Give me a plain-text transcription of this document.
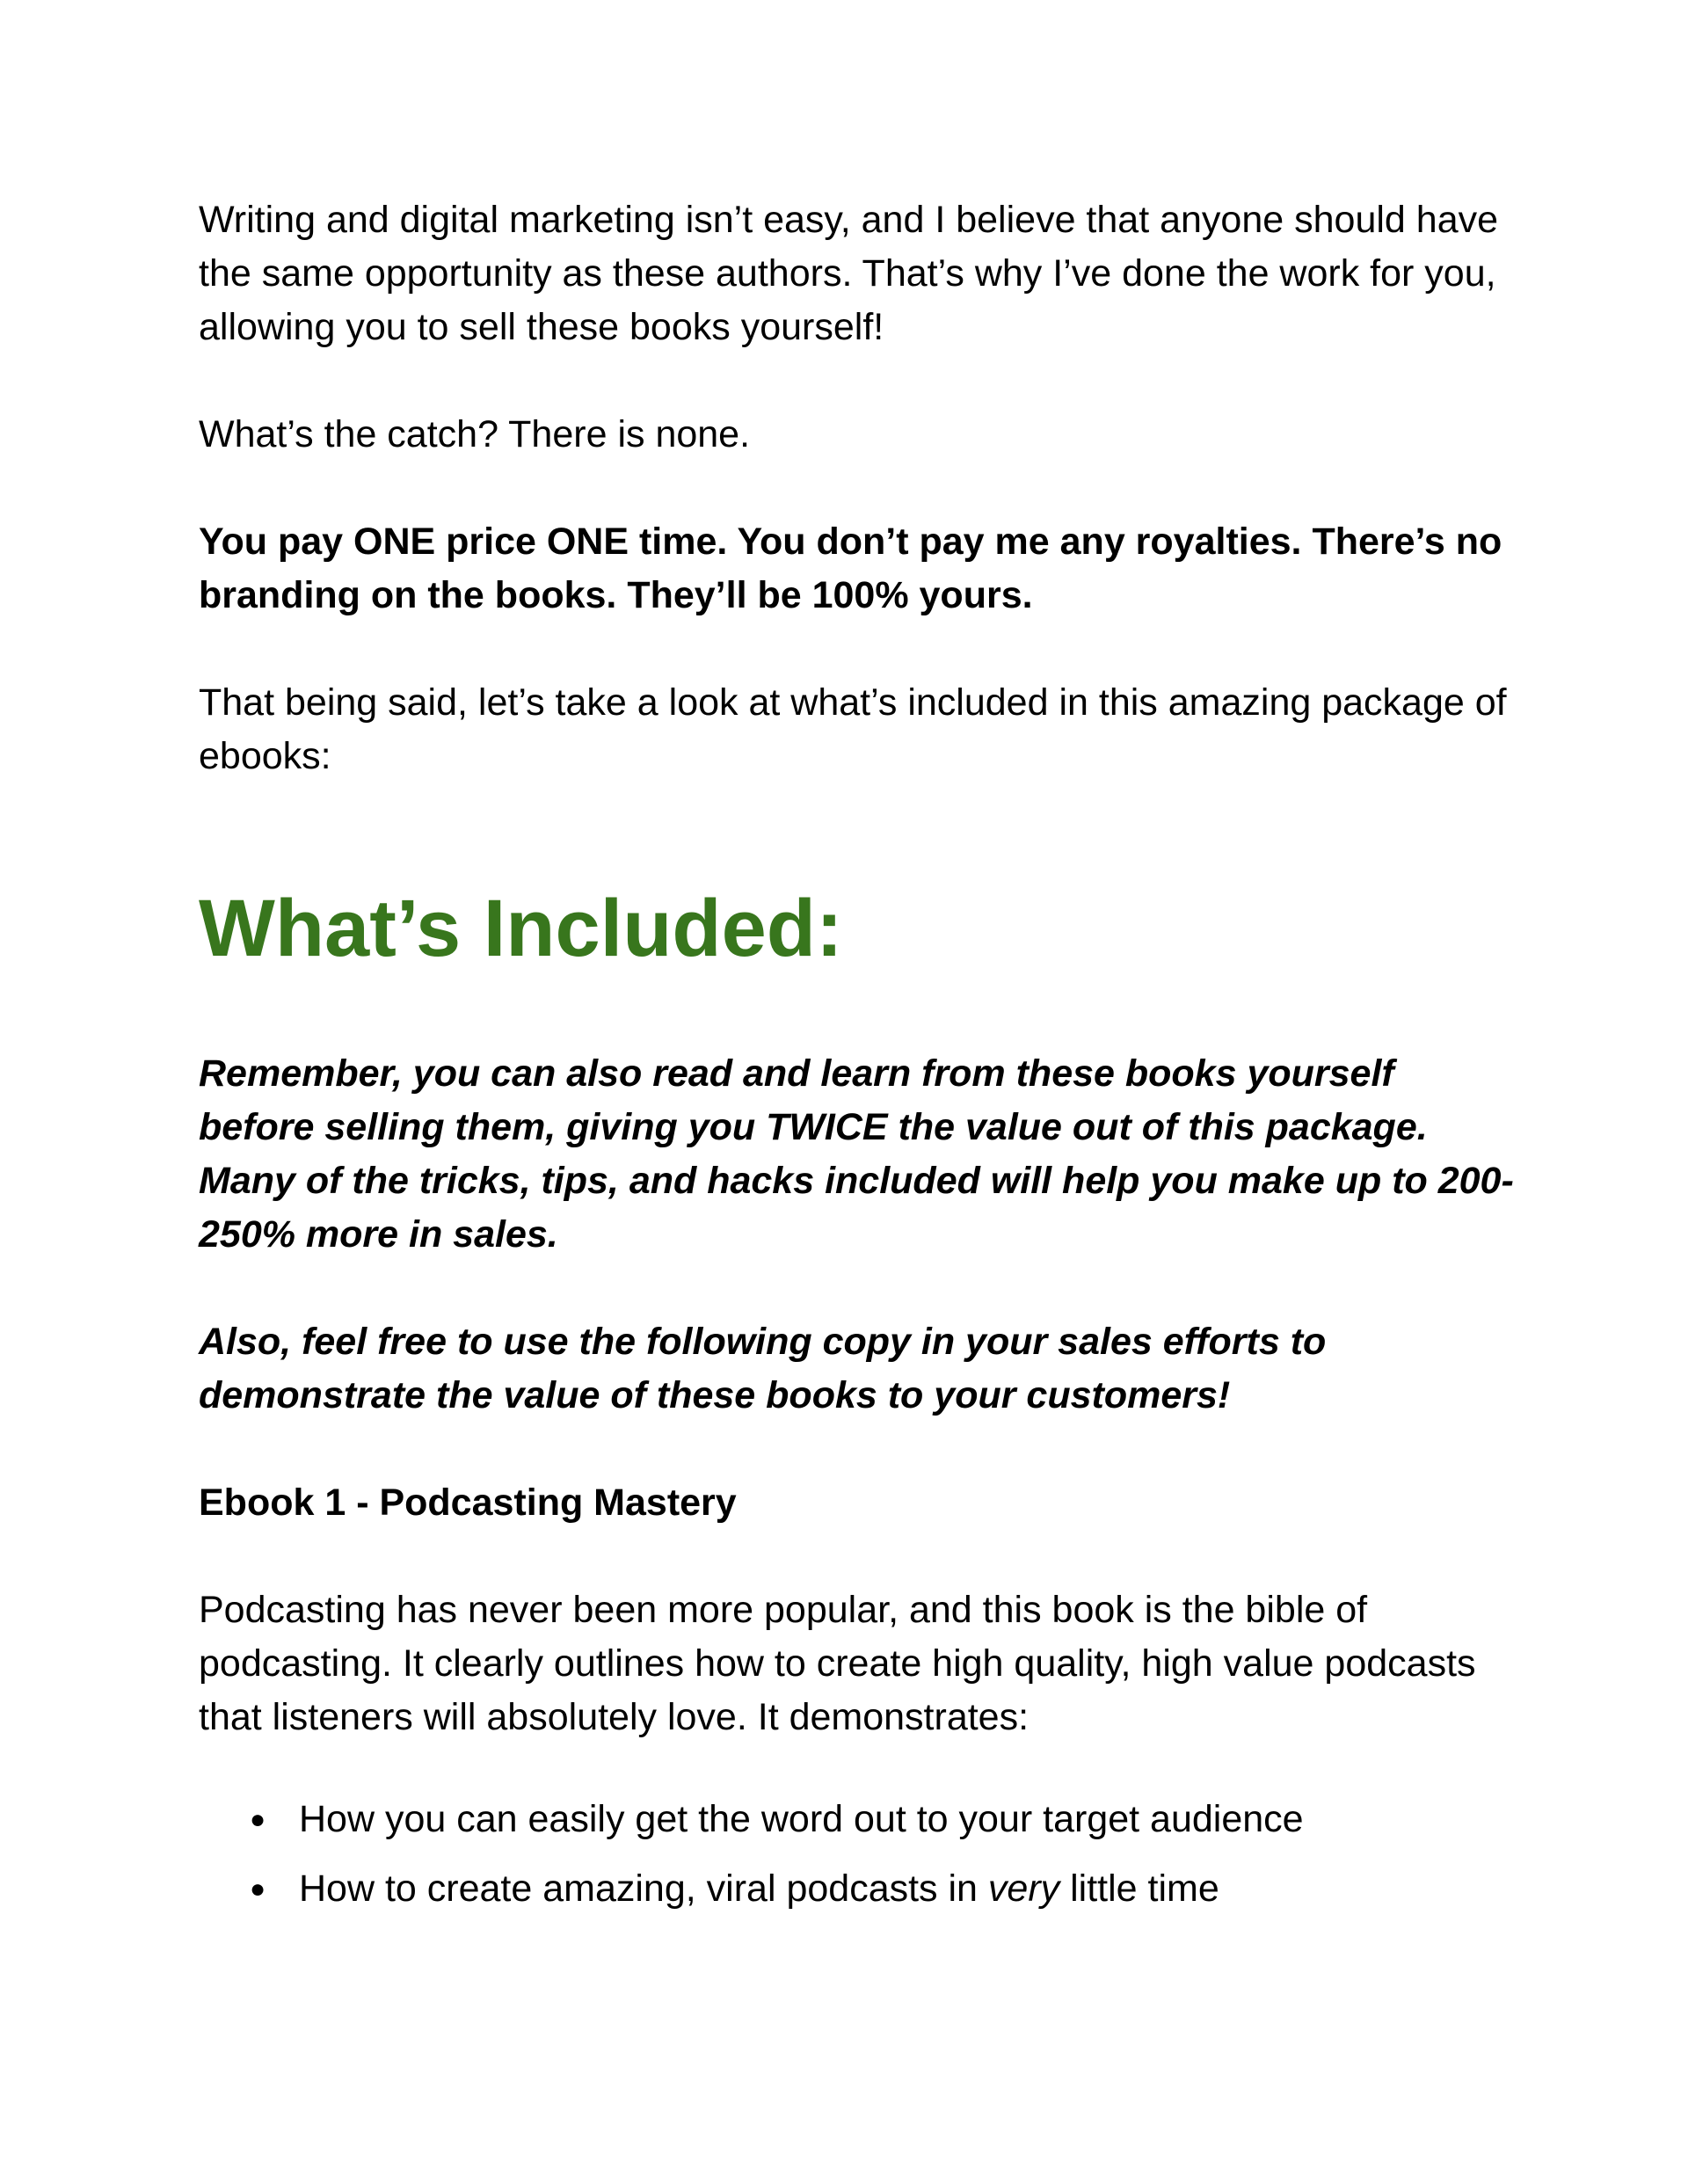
Writing and digital marketing isn’t easy, and I believe that anyone should have the same opportunity as these authors. That’s why I’ve done the work for you, allowing you to sell these books yourself!

What’s the catch? There is none.

You pay ONE price ONE time. You don’t pay me any royalties. There’s no branding on the books. They’ll be 100% yours.

That being said, let’s take a look at what’s included in this amazing package of ebooks:

What’s Included:

Remember, you can also read and learn from these books yourself before selling them, giving you TWICE the value out of this package. Many of the tricks, tips, and hacks included will help you make up to 200-250% more in sales.

Also, feel free to use the following copy in your sales efforts to demonstrate the value of these books to your customers!

Ebook 1 - Podcasting Mastery

Podcasting has never been more popular, and this book is the bible of podcasting. It clearly outlines how to create high quality, high value podcasts that listeners will absolutely love. It demonstrates:

● How you can easily get the word out to your target audience
● How to create amazing, viral podcasts in very little time
